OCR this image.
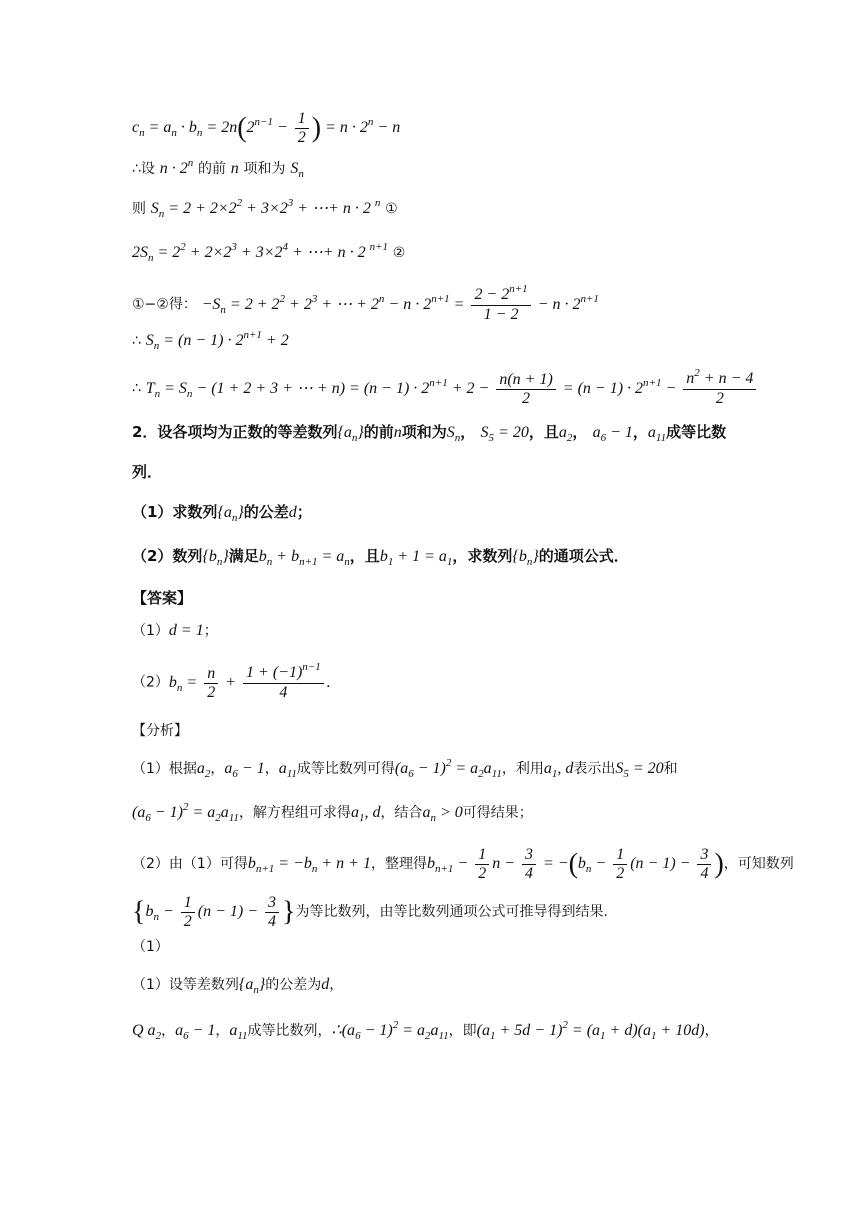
$c_n = a_n \cdot b_n = 2n(2^{n-1} - \frac{1}{2}$ ) = $n \cdot 2^n - n$
∴设 $n \cdot 2^n$ 的前 n 项和为 $S_n$
则 $S_n = 2 + 2\times 2^2 + 3\times 2^3$ + ⋯+ n · 2 $^n$ ①
$2S_n = 2^2 + 2\times 2^3 + 3\times 2^4$ + ⋯+ n · 2 $^{n+1}$ ②
①−②得： $-S_n = 2 + 2^2 + 2^3$ + ⋯ + $2^n - n \cdot 2^{n+1} = \frac{2 - 2^{n+1}}{1 - 2} - n \cdot 2^{n+1}$
∴ $S_n = (n - 1) \cdot 2^{n+1} + 2$
∴ $T_n = S_n - (1 + 2 + 3$ + ⋯ + $n) = (n - 1) \cdot 2^{n+1} + 2 - \frac{n(n + 1)}{2} = (n - 1) \cdot 2^{n+1} - \frac{n^2 + n - 4}{2}$
2．设各项均为正数的等差数列$\{a_n\}$的前n项和为$S_n$， $S_5 = 20$，且$a_2$， $a_6 - 1$，$a_{11}$成等比数
列．
（1）求数列$\{a_n\}$的公差d；
（2）数列$\{b_n\}$满足$b_n + b_{n+1} = a_n$，且$b_1 + 1 = a_1$，求数列$\{b_n\}$的通项公式．
【答案】
（1）d = 1；
$(2)b_n = \frac{n}{2} + \frac{1 + (-1)^{n-1}}{4}$ .
【分析】
（1）根据$a_2$，$a_6 - 1$，$a_{11}$成等比数列可得$(a_6 - 1)^2 = a_2a_{11}$，利用$a_1$, d表示出$S_5 = 20$和
$(a_6 - 1)^2 = a_2a_{11}$，解方程组可求得$a_1$, d，结合$a_n > 0$可得结果；
（2）由（1）可得$b_{n+1} = -b_n + n + 1$，整理得$b_{n+1} - \frac{1}{2}$ $n - \frac{3}{4} = -(b_n - \frac{1}{2} (n - 1) - \frac{3}{4}$ )，可知数列
{$b_n - \frac{1}{2} (n - 1) - \frac{3}{4}$ }为等比数列，由等比数列通项公式可推导得到结果.
（1）
（1）设等差数列$\{a_n\}$的公差为d，
Q $a_2$，$a_6 - 1$，$a_{11}$成等比数列，$\therefore(a_6 - 1)^2 = a_2a_{11}$，即$(a_1 + 5d - 1)^2 = (a_1 + d)(a_1 + 10d)$，
